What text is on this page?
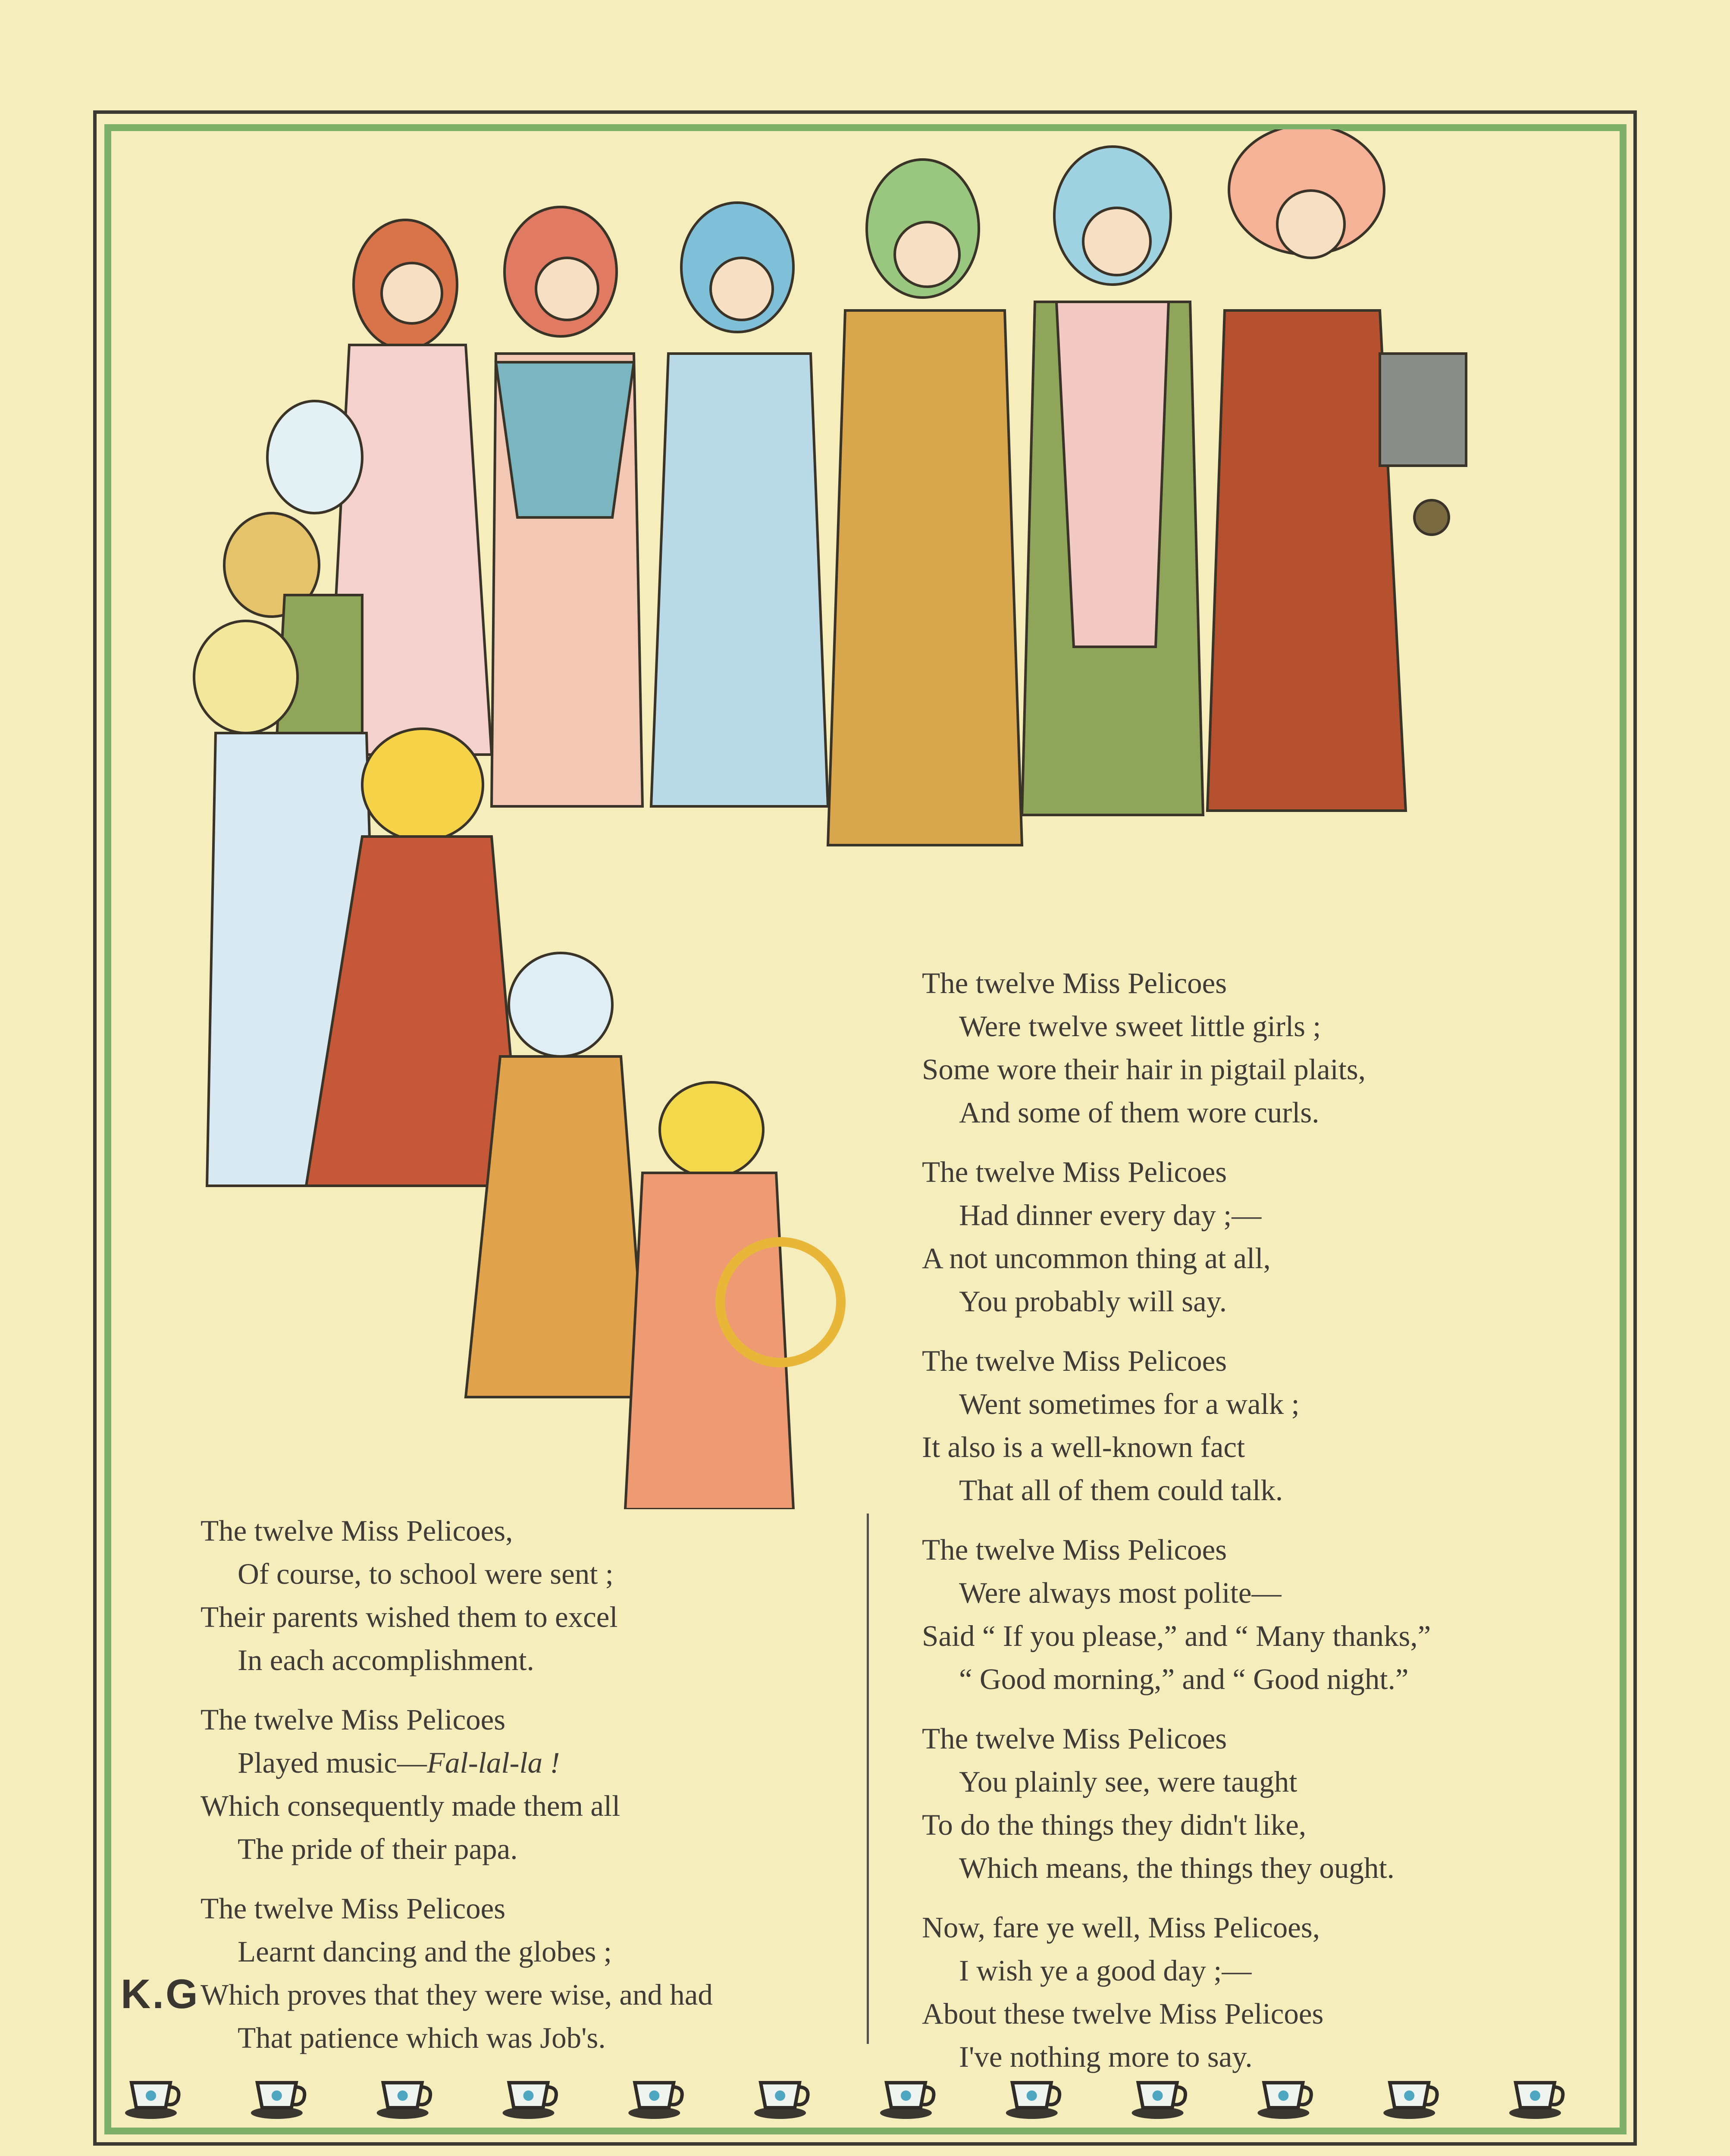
The twelve Miss Pelicoes,
Of course, to school were sent ;
Their parents wished them to excel
In each accomplishment.
The twelve Miss Pelicoes
Played music—Fal-lal-la !
Which consequently made them all
The pride of their papa.
The twelve Miss Pelicoes
Learnt dancing and the globes ;
Which proves that they were wise, and had
That patience which was Job's.
The twelve Miss Pelicoes
Were twelve sweet little girls ;
Some wore their hair in pigtail plaits,
And some of them wore curls.
The twelve Miss Pelicoes
Had dinner every day ;—
A not uncommon thing at all,
You probably will say.
The twelve Miss Pelicoes
Went sometimes for a walk ;
It also is a well-known fact
That all of them could talk.
The twelve Miss Pelicoes
Were always most polite—
Said “ If you please,” and “ Many thanks,”
“ Good morning,” and “ Good night.”
The twelve Miss Pelicoes
You plainly see, were taught
To do the things they didn't like,
Which means, the things they ought.
Now, fare ye well, Miss Pelicoes,
I wish ye a good day ;—
About these twelve Miss Pelicoes
I've nothing more to say.
K.G
